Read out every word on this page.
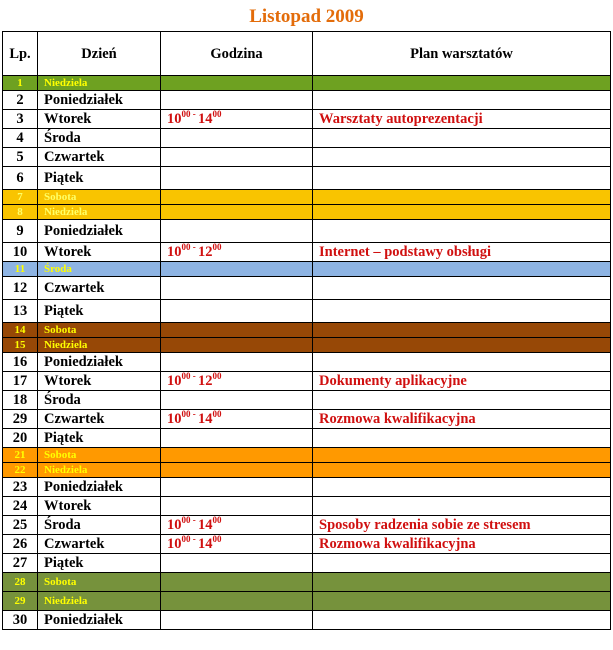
Listopad 2009
Lp.	Dzień	Godzina	Plan warsztatów
1	Niedziela		
2	Poniedziałek		
3	Wtorek	$10^{00}$ - $14^{00}$	Warsztaty autoprezentacji
4	Środa		
5	Czwartek		
6	Piątek		
7	Sobota		
8	Niedziela		
9	Poniedziałek		
10	Wtorek	$10^{00}$ - $12^{00}$	Internet – podstawy obsługi
11	Środa		
12	Czwartek		
13	Piątek		
14	Sobota		
15	Niedziela		
16	Poniedziałek		
17	Wtorek	$10^{00}$ - $12^{00}$	Dokumenty aplikacyjne
18	Środa		
29	Czwartek	$10^{00}$ - $14^{00}$	Rozmowa kwalifikacyjna
20	Piątek		
21	Sobota		
22	Niedziela		
23	Poniedziałek		
24	Wtorek		
25	Środa	$10^{00}$ - $14^{00}$	Sposoby radzenia sobie ze stresem
26	Czwartek	$10^{00}$ - $14^{00}$	Rozmowa kwalifikacyjna
27	Piątek		
28	Sobota		
29	Niedziela		
30	Poniedziałek		
